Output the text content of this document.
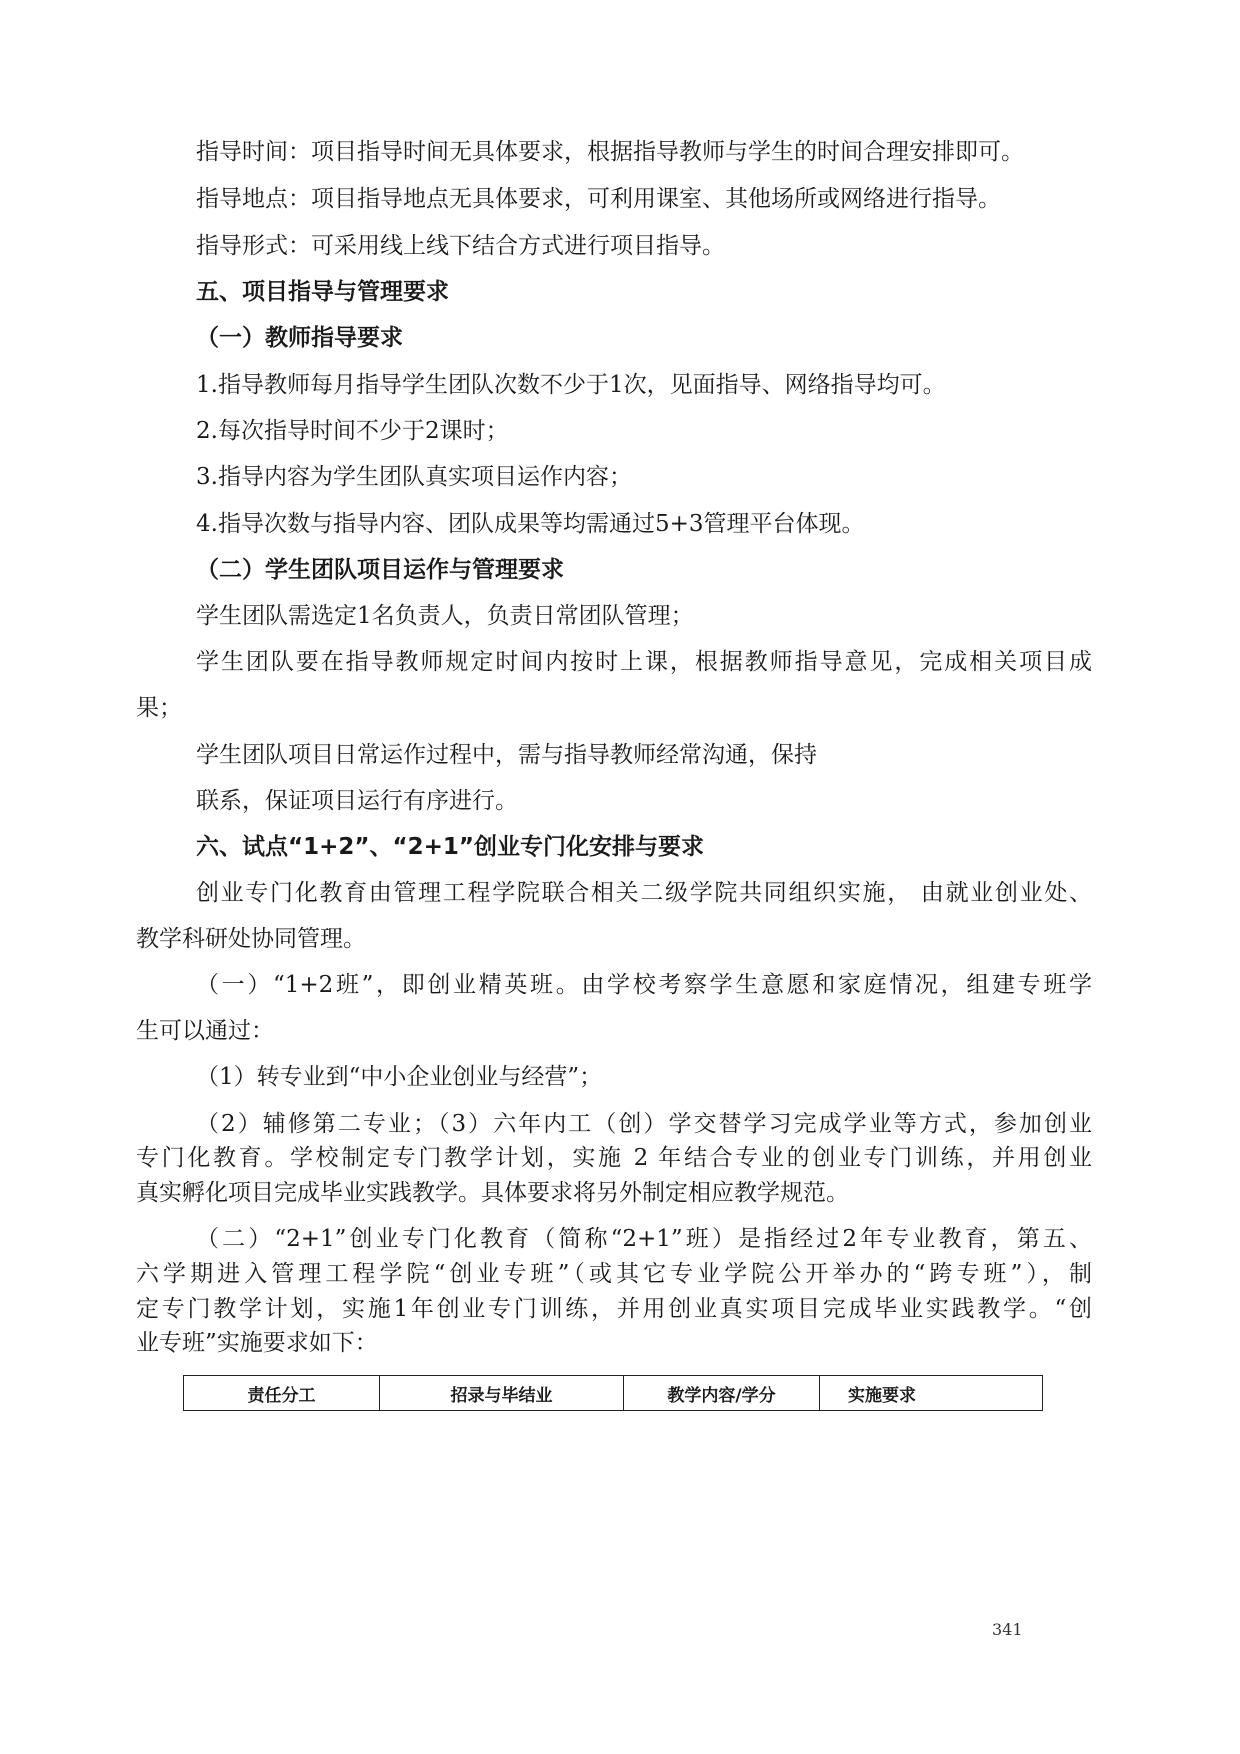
指导时间：项目指导时间无具体要求，根据指导教师与学生的时间合理安排即可。
指导地点：项目指导地点无具体要求，可利用课室、其他场所或网络进行指导。
指导形式：可采用线上线下结合方式进行项目指导。
五、项目指导与管理要求
（一）教师指导要求
1.指导教师每月指导学生团队次数不少于1次，见面指导、网络指导均可。
2.每次指导时间不少于2课时；
3.指导内容为学生团队真实项目运作内容；
4.指导次数与指导内容、团队成果等均需通过5+3管理平台体现。
（二）学生团队项目运作与管理要求
学生团队需选定1名负责人，负责日常团队管理；
学生团队要在指导教师规定时间内按时上课，根据教师指导意见，完成相关项目成
果；
学生团队项目日常运作过程中，需与指导教师经常沟通，保持
联系，保证项目运行有序进行。
六、试点“1+2”、“2+1”创业专门化安排与要求
创业专门化教育由管理工程学院联合相关二级学院共同组织实施， 由就业创业处、
教学科研处协同管理。
（一）“1+2班”，即创业精英班。由学校考察学生意愿和家庭情况，组建专班学
生可以通过：
（1）转专业到“中小企业创业与经营”；
（2）辅修第二专业；（3）六年内工（创）学交替学习完成学业等方式，参加创业
专门化教育。学校制定专门教学计划，实施 2 年结合专业的创业专门训练，并用创业
真实孵化项目完成毕业实践教学。具体要求将另外制定相应教学规范。
（二）“2+1”创业专门化教育（简称“2+1”班）是指经过2年专业教育，第五、
六学期进入管理工程学院“创业专班”（或其它专业学院公开举办的“跨专班”），制
定专门教学计划，实施1年创业专门训练，并用创业真实项目完成毕业实践教学。“创
业专班”实施要求如下：
责任分工	招录与毕结业	教学内容/学分	实施要求
341
